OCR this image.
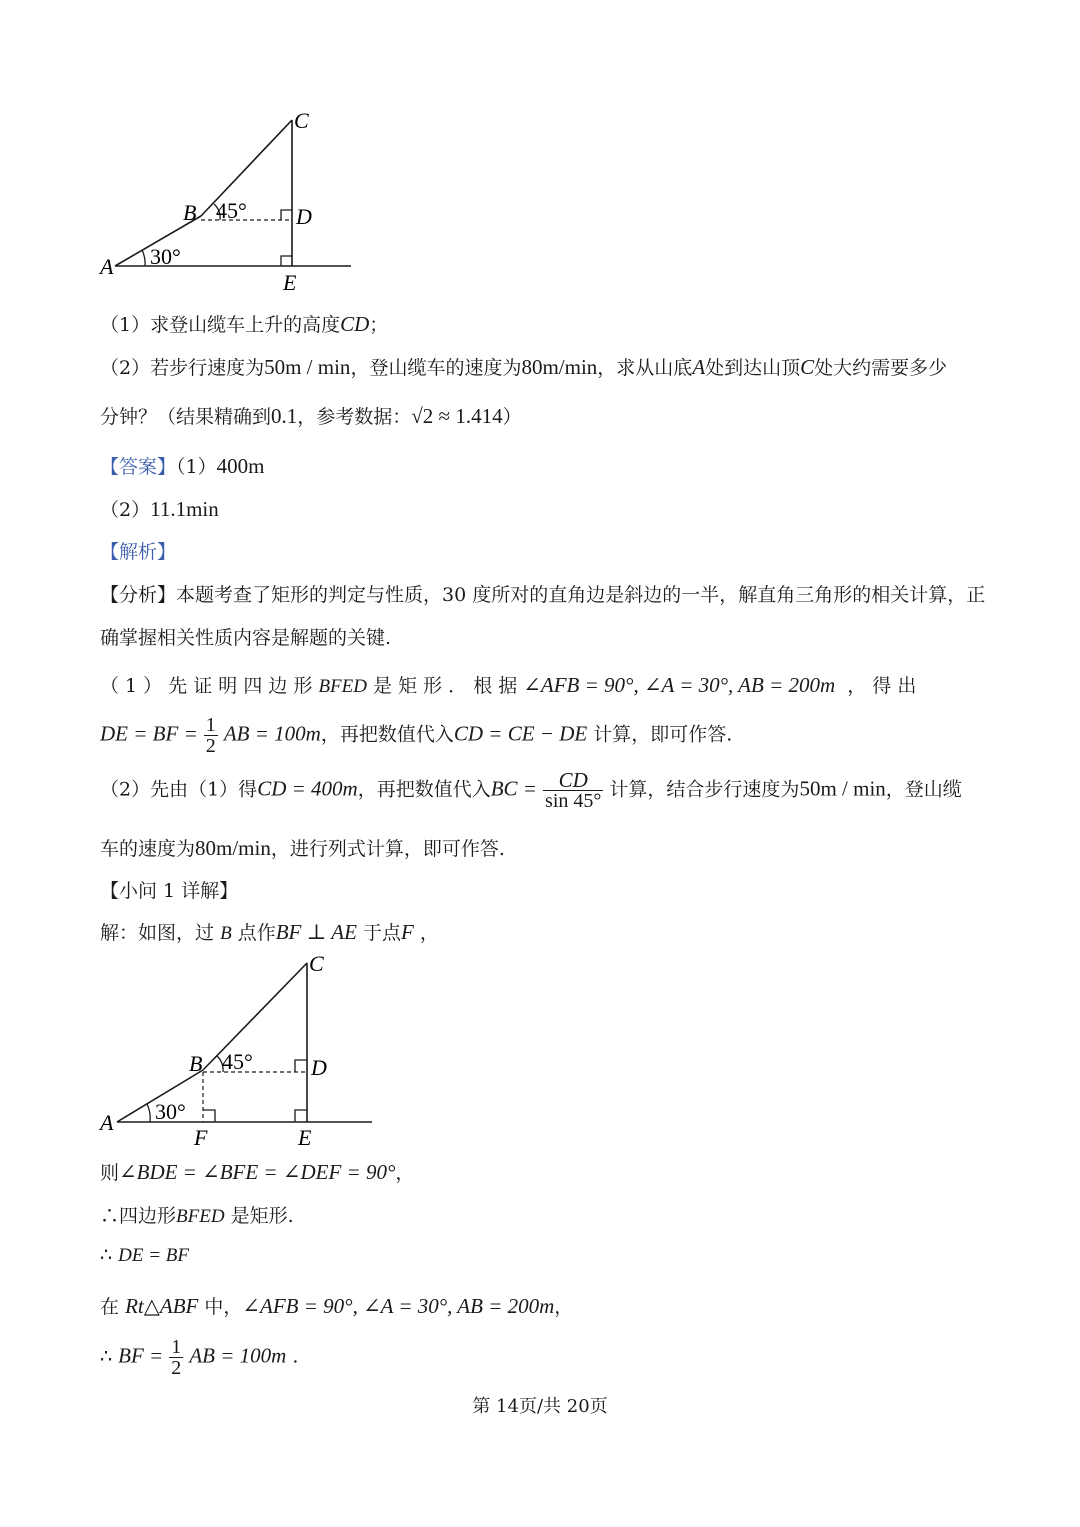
C
B 45° D
30°
A
E
（1）求登山缆车上升的高度CD；
（2）若步行速度为50m / min，登山缆车的速度为80m/min，求从山底A处到达山顶C处大约需要多少
分钟？（结果精确到0.1，参考数据：√2 ≈ 1.414）
【答案】（1）400m
（2）11.1min
【解析】
【分析】本题考查了矩形的判定与性质，30 度所对的直角边是斜边的一半，解直角三角形的相关计算，正
确掌握相关性质内容是解题的关键.
（ 1 ） 先 证 明 四 边 形 BFED 是 矩 形 ． 根 据 ∠AFB = 90°, ∠A = 30°, AB = 200m ， 得 出
DE = BF = $\frac{1}{2}$ AB = 100m，再把数值代入CD = CE − DE 计算，即可作答.
（2）先由（1）得CD = 400m，再把数值代入BC = $\frac{CD}{\sin 45^\circ}$ 计算，结合步行速度为50m / min，登山缆
车的速度为80m/min，进行列式计算，即可作答.
【小问 1 详解】
解：如图，过 B 点作BF ⊥ AE 于点F ，
C
B 45°	D
30°
A
F	E
则∠BDE = ∠BFE = ∠DEF = 90°，
∴四边形BFED 是矩形.
∴ DE = BF
在 Rt△ABF 中，∠AFB = 90°, ∠A = 30°, AB = 200m，
∴ BF = $\frac{1}{2}$ AB = 100m .
第 14页/共 20页
